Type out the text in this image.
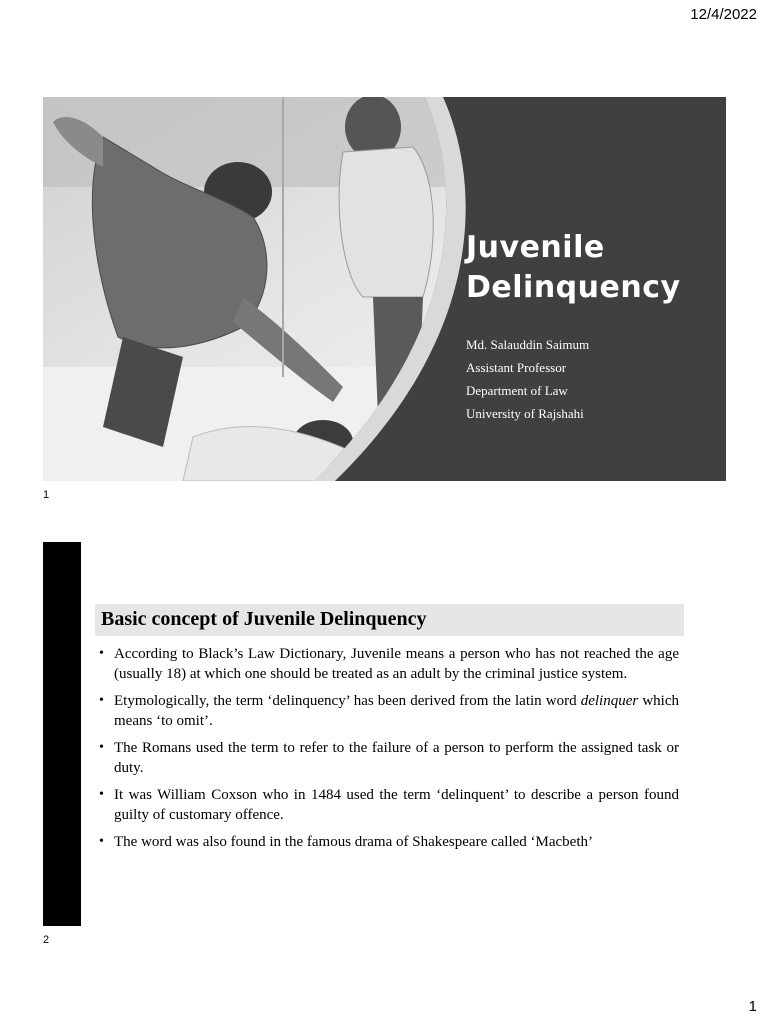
12/4/2022
Juvenile
Delinquency
Md. Salauddin Saimum
Assistant Professor
Department of Law
University of Rajshahi
1
Basic concept of Juvenile Delinquency
• According to Black’s Law Dictionary, Juvenile means a person who has not reached the age (usually 18) at which one should be treated as an adult by the criminal justice system.
• Etymologically, the term ‘delinquency’ has been derived from the latin word delinquer which means ‘to omit’.
• The Romans used the term to refer to the failure of a person to perform the assigned task or duty.
• It was William Coxson who in 1484 used the term ‘delinquent’ to describe a person found guilty of customary offence.
• The word was also found in the famous drama of Shakespeare called ‘Macbeth’
2
1
